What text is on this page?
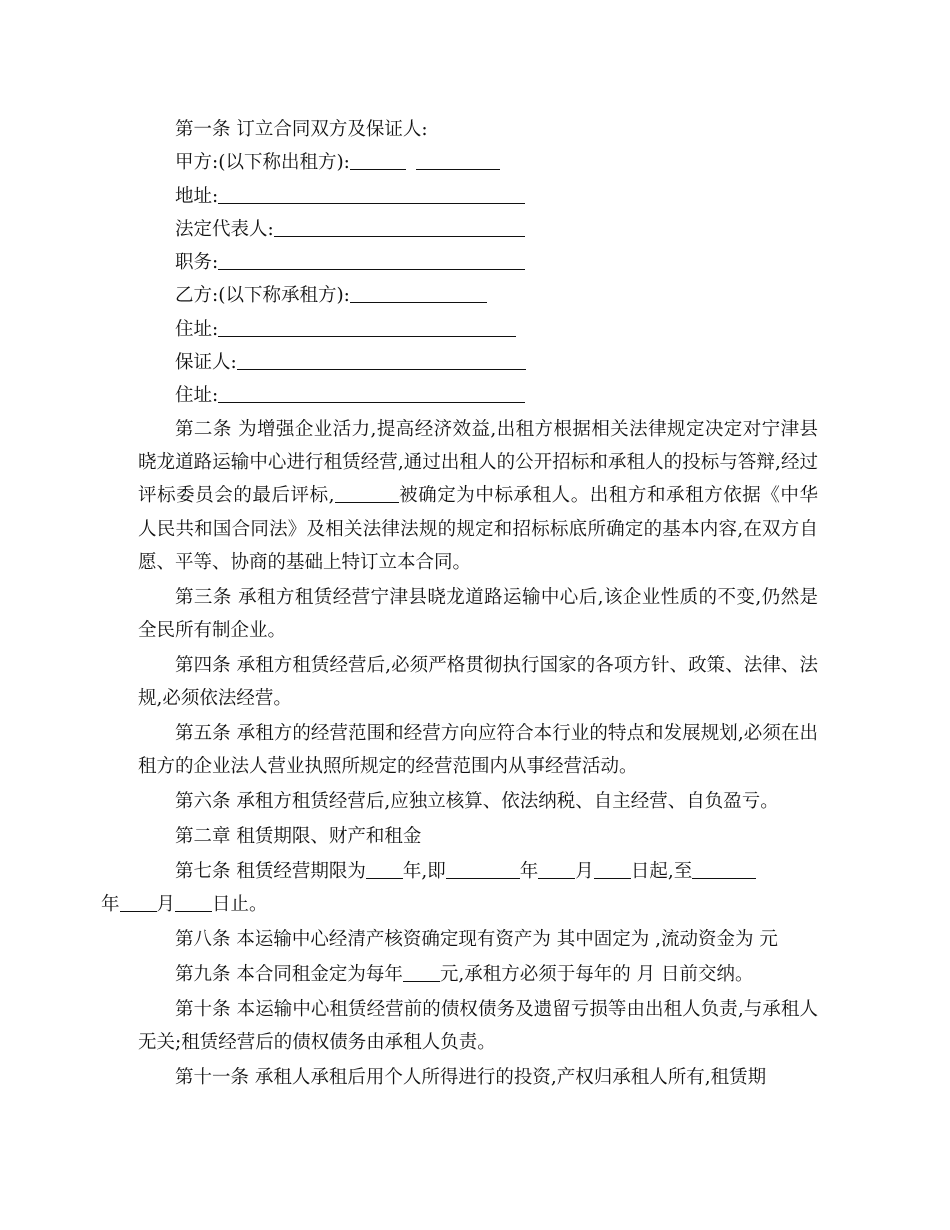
第一条 订立合同双方及保证人:
甲方:(以下称出租方):
地址:
法定代表人:
职务:
乙方:(以下称承租方):
住址:
保证人:
住址:

第二条 为增强企业活力,提高经济效益,出租方根据相关法律规定决定对宁津县晓龙道路运输中心进行租赁经营,通过出租人的公开招标和承租人的投标与答辩,经过评标委员会的最后评标,	被确定为中标承租人。出租方和承租方依据《中华人民共和国合同法》及相关法律法规的规定和招标标底所确定的基本内容,在双方自愿、平等、协商的基础上特订立本合同。

第三条 承租方租赁经营宁津县晓龙道路运输中心后,该企业性质的不变,仍然是全民所有制企业。

第四条 承租方租赁经营后,必须严格贯彻执行国家的各项方针、政策、法律、法规,必须依法经营。

第五条 承租方的经营范围和经营方向应符合本行业的特点和发展规划,必须在出租方的企业法人营业执照所规定的经营范围内从事经营活动。

第六条 承租方租赁经营后,应独立核算、依法纳税、自主经营、自负盈亏。

第二章 租赁期限、财产和租金

第七条 租赁经营期限为 年,即	年 月 日起,至
年 月 日止。

第八条 本运输中心经清产核资确定现有资产为 其中固定为 ,流动资金为 元

第九条 本合同租金定为每年 元,承租方必须于每年的 月 日前交纳。

第十条 本运输中心租赁经营前的债权债务及遗留亏损等由出租人负责,与承租人无关;租赁经营后的债权债务由承租人负责。

第十一条 承租人承租后用个人所得进行的投资,产权归承租人所有,租赁期
